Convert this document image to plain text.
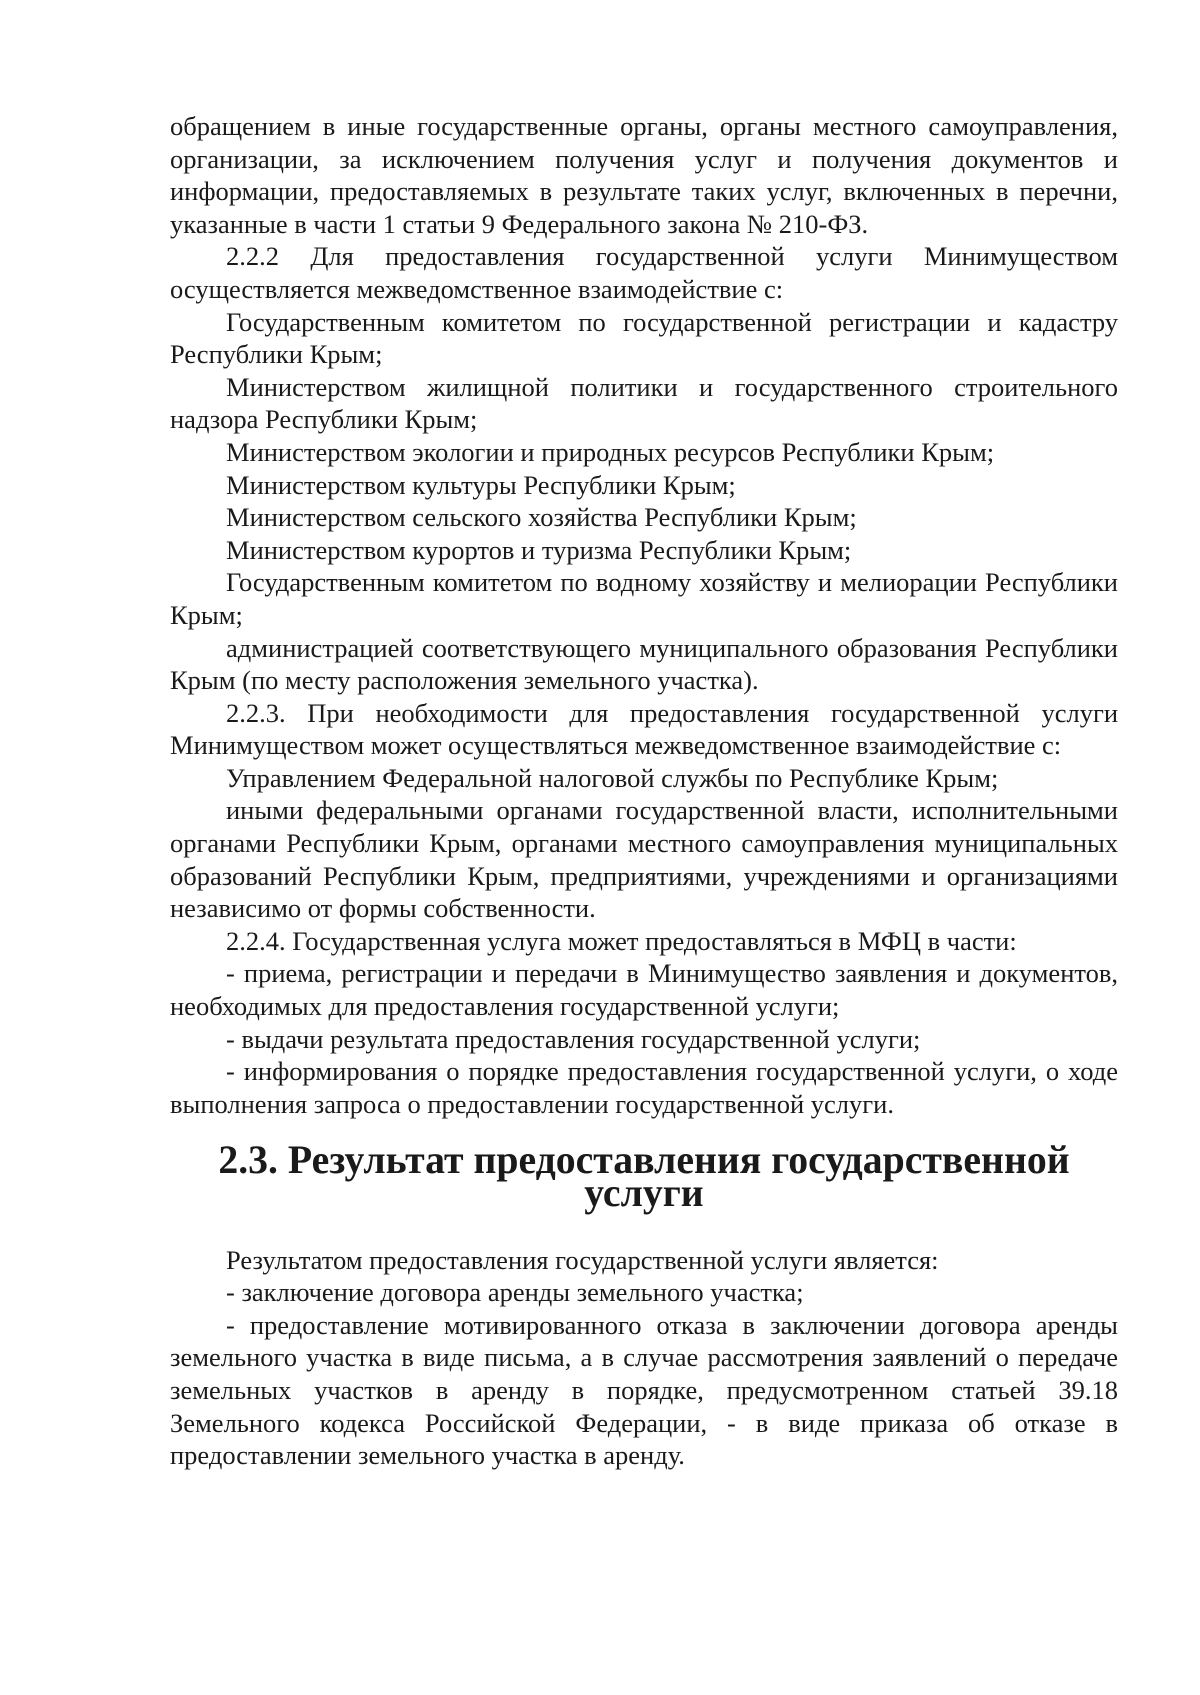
обращением в иные государственные органы, органы местного самоуправления, организации, за исключением получения услуг и получения документов и информации, предоставляемых в результате таких услуг, включенных в перечни, указанные в части 1 статьи 9 Федерального закона № 210-ФЗ.

2.2.2 Для предоставления государственной услуги Минимуществом осуществляется межведомственное взаимодействие с:

Государственным комитетом по государственной регистрации и кадастру Республики Крым;

Министерством жилищной политики и государственного строительного надзора Республики Крым;

Министерством экологии и природных ресурсов Республики Крым;

Министерством культуры Республики Крым;

Министерством сельского хозяйства Республики Крым;

Министерством курортов и туризма Республики Крым;

Государственным комитетом по водному хозяйству и мелиорации Республики Крым;

администрацией соответствующего муниципального образования Республики Крым (по месту расположения земельного участка).

2.2.3. При необходимости для предоставления государственной услуги Минимуществом может осуществляться межведомственное взаимодействие с:

Управлением Федеральной налоговой службы по Республике Крым;

иными федеральными органами государственной власти, исполнительными органами Республики Крым, органами местного самоуправления муниципальных образований Республики Крым, предприятиями, учреждениями и организациями независимо от формы собственности.

2.2.4. Государственная услуга может предоставляться в МФЦ в части:

- приема, регистрации и передачи в Минимущество заявления и документов, необходимых для предоставления государственной услуги;

- выдачи результата предоставления государственной услуги;

- информирования о порядке предоставления государственной услуги, о ходе выполнения запроса о предоставлении государственной услуги.

2.3. Результат предоставления государственной услуги

Результатом предоставления государственной услуги является:

- заключение договора аренды земельного участка;

- предоставление мотивированного отказа в заключении договора аренды земельного участка в виде письма, а в случае рассмотрения заявлений о передаче земельных участков в аренду в порядке, предусмотренном статьей 39.18 Земельного кодекса Российской Федерации, - в виде приказа об отказе в предоставлении земельного участка в аренду.
